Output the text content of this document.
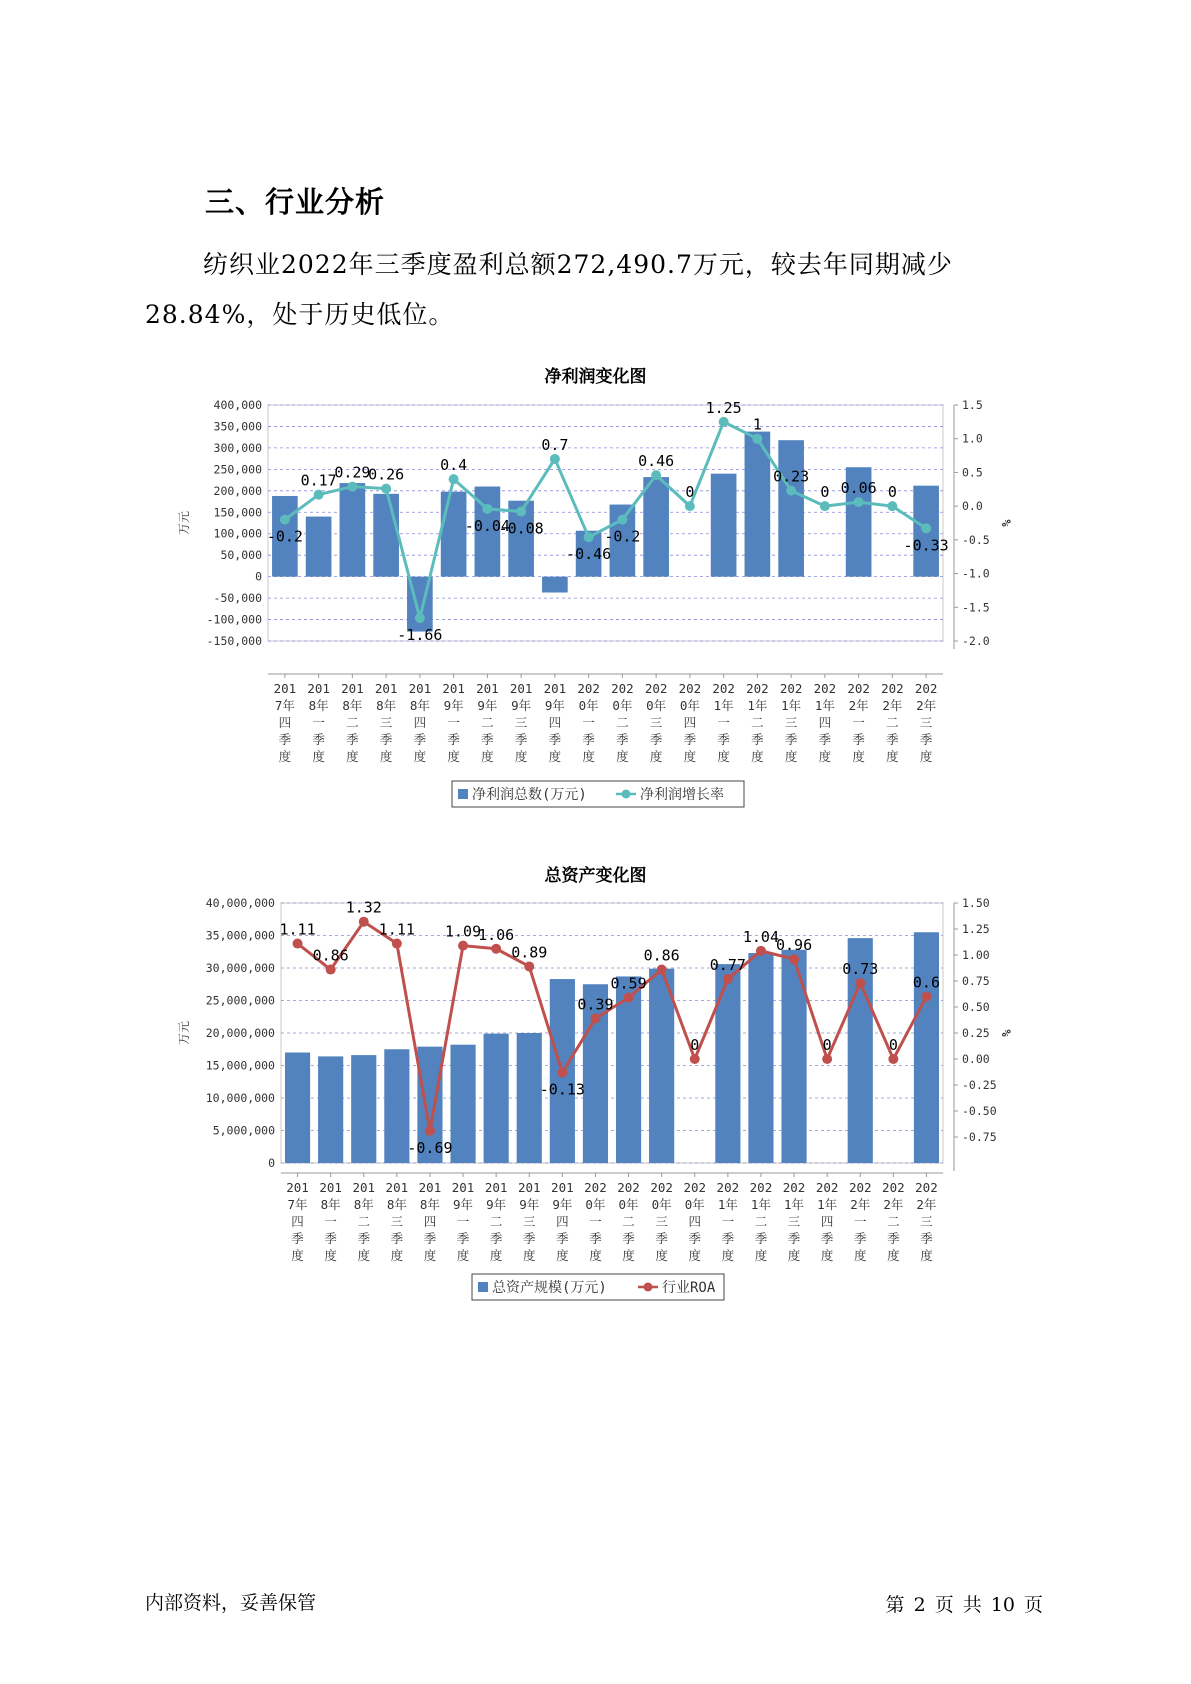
三、行业分析
纺织业2022年三季度盈利总额272,490.7万元，较去年同期减少28.84%，处于历史低位。
净利润变化图
400,000
350,000
300,000
250,000
200,000
150,000
100,000
50,000
0
-50,000
-100,000
-150,000
1.5
1.0
0.5
0.0
-0.5
-1.0
-1.5
-2.0
万元	%
201
7年
四
季
度
201
8年
一
季
度
201
8年
二
季
度
201
8年
三
季
度
201
8年
四
季
度
201
9年
一
季
度
201
9年
二
季
度
201
9年
三
季
度
201
9年
四
季
度
202
0年
一
季
度
202
0年
二
季
度
202
0年
三
季
度
202
0年
四
季
度
202
1年
一
季
度
202
1年
二
季
度
202
1年
三
季
度
202
1年
四
季
度
202
2年
一
季
度
202
2年
二
季
度
202
2年
三
季
度
-0.2
0.17
0.29
0.26
-1.66
0.4
-0.04
-0.08
0.7
-0.46
-0.2
0.46
0
1.25
1
0.23
0 0.06 0
-0.33
净利润总数(万元)	净利润增长率
总资产变化图
40,000,000
35,000,000
30,000,000
25,000,000
20,000,000
15,000,000
10,000,000
5,000,000
0
1.50
1.25
1.00
0.75
0.50
0.25
0.00
-0.25
-0.50
-0.75
万元	%
201
7年
四
季
度
201
8年
一
季
度
201
8年
二
季
度
201
8年
三
季
度
201
8年
四
季
度
201
9年
一
季
度
201
9年
二
季
度
201
9年
三
季
度
201
9年
四
季
度
202
0年
一
季
度
202
0年
二
季
度
202
0年
三
季
度
202
0年
四
季
度
202
1年
一
季
度
202
1年
二
季
度
202
1年
三
季
度
202
1年
四
季
度
202
2年
一
季
度
202
2年
二
季
度
202
2年
三
季
度
1.11
0.86
1.32
1.11
-0.69
1.09
1.06
0.89
-0.13
0.39
0.59
0.86
0
0.77
1.04
0.96
0
0.73
0
0.6
总资产规模(万元)	行业ROA
内部资料，妥善保管	第 2 页 共 10 页
